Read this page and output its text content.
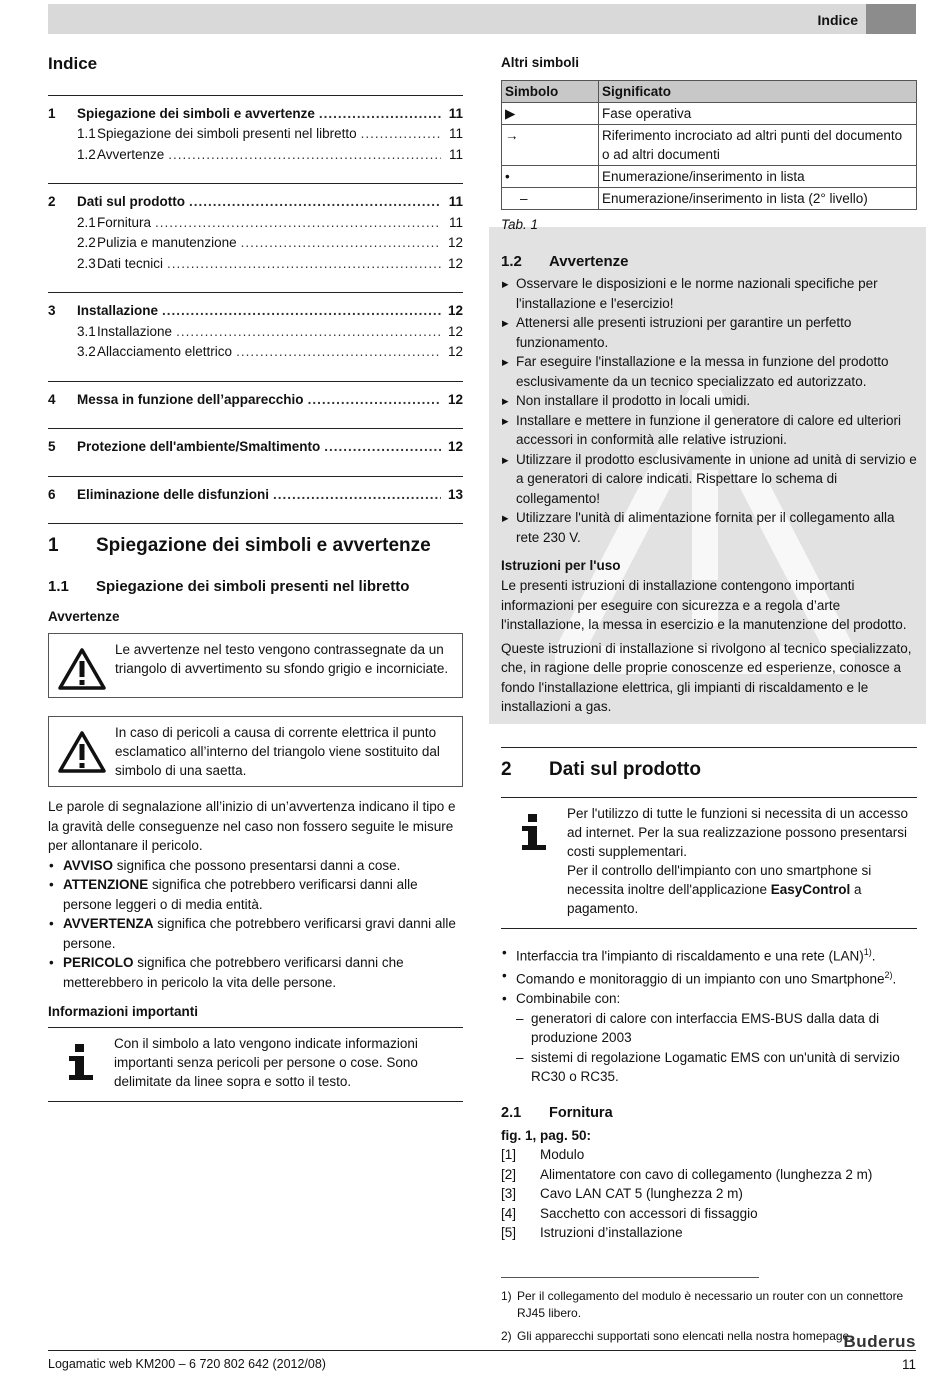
Indice
Indice
1	Spiegazione dei simboli e avvertenze .....	11
1.1 Spiegazione dei simboli presenti nel libretto .....	11
1.2 Avvertenze .....	11
2	Dati sul prodotto .....	11
2.1 Fornitura .....	11
2.2 Pulizia e manutenzione .....	12
2.3 Dati tecnici .....	12
3	Installazione .....	12
3.1 Installazione .....	12
3.2 Allacciamento elettrico .....	12
4	Messa in funzione dell’apparecchio .....	12
5	Protezione dell'ambiente/Smaltimento .....	12
6	Eliminazione delle disfunzioni .....	13
1	Spiegazione dei simboli e avvertenze
1.1	Spiegazione dei simboli presenti nel libretto
Avvertenze
Le avvertenze nel testo vengono contrassegnate da un triangolo di avvertimento su sfondo grigio e incorniciate.
In caso di pericoli a causa di corrente elettrica il punto esclamatico all’interno del triangolo viene sostituito dal simbolo di una saetta.

Le parole di segnalazione all’inizio di un’avvertenza indicano il tipo e la gravità delle conseguenze nel caso non fossero seguite le misure per allontanare il pericolo.

• AVVISO significa che possono presentarsi danni a cose.
• ATTENZIONE significa che potrebbero verificarsi danni alle persone leggeri o di media entità.
• AVVERTENZA significa che potrebbero verificarsi gravi danni alle persone.
• PERICOLO significa che potrebbero verificarsi danni che metterebbero in pericolo la vita delle persone.
Informazioni importanti
Con il simbolo a lato vengono indicate informazioni importanti senza pericoli per persone o cose. Sono delimitate da linee sopra e sotto il testo.
Altri simboli
Simbolo	Significato
▶	Fase operativa
→	Riferimento incrociato ad altri punti del documento o ad altri documenti
•	Enumerazione/inserimento in lista
–	Enumerazione/inserimento in lista (2° livello)
Tab. 1
1.2	Avvertenze
▶ Osservare le disposizioni e le norme nazionali specifiche per l'installazione e l'esercizio!
▶ Attenersi alle presenti istruzioni per garantire un perfetto funzionamento.
▶ Far eseguire l'installazione e la messa in funzione del prodotto esclusivamente da un tecnico specializzato ed autorizzato.
▶ Non installare il prodotto in locali umidi.
▶ Installare e mettere in funzione il generatore di calore ed ulteriori accessori in conformità alle relative istruzioni.
▶ Utilizzare il prodotto esclusivamente in unione ad unità di servizio e a generatori di calore indicati. Rispettare lo schema di collegamento!
▶ Utilizzare l'unità di alimentazione fornita per il collegamento alla rete 230 V.
Istruzioni per l'uso

Le presenti istruzioni di installazione contengono importanti informazioni per eseguire con sicurezza e a regola d’arte l'installazione, la messa in esercizio e la manutenzione del prodotto.

Queste istruzioni di installazione si rivolgono al tecnico specializzato, che, in ragione delle proprie conoscenze ed esperienze, conosce a fondo l'installazione elettrica, gli impianti di riscaldamento e le installazioni a gas.

2	Dati sul prodotto
Per l'utilizzo di tutte le funzioni si necessita di un accesso ad internet. Per la sua realizzazione possono presentarsi costi supplementari.
Per il controllo dell'impianto con uno smartphone si necessita inoltre dell'applicazione EasyControl a pagamento.
• Interfaccia tra l'impianto di riscaldamento e una rete (LAN)$^{1)}$.
• Comando e monitoraggio di un impianto con uno Smartphone$^{2)}$.
• Combinabile con:
– generatori di calore con interfaccia EMS-BUS dalla data di produzione 2003
– sistemi di regolazione Logamatic EMS con un'unità di servizio RC30 o RC35.
2.1	Fornitura
fig. 1, pag. 50:
[1]	Modulo
[2]	Alimentatore con cavo di collegamento (lunghezza 2 m)
[3]	Cavo LAN CAT 5 (lunghezza 2 m)
[4]	Sacchetto con accessori di fissaggio
[5]	Istruzioni d’installazione
1) Per il collegamento del modulo è necessario un router con un connettore RJ45 libero.
2) Gli apparecchi supportati sono elencati nella nostra homepage.
Buderus
Logamatic web KM200 – 6 720 802 642 (2012/08)	11
